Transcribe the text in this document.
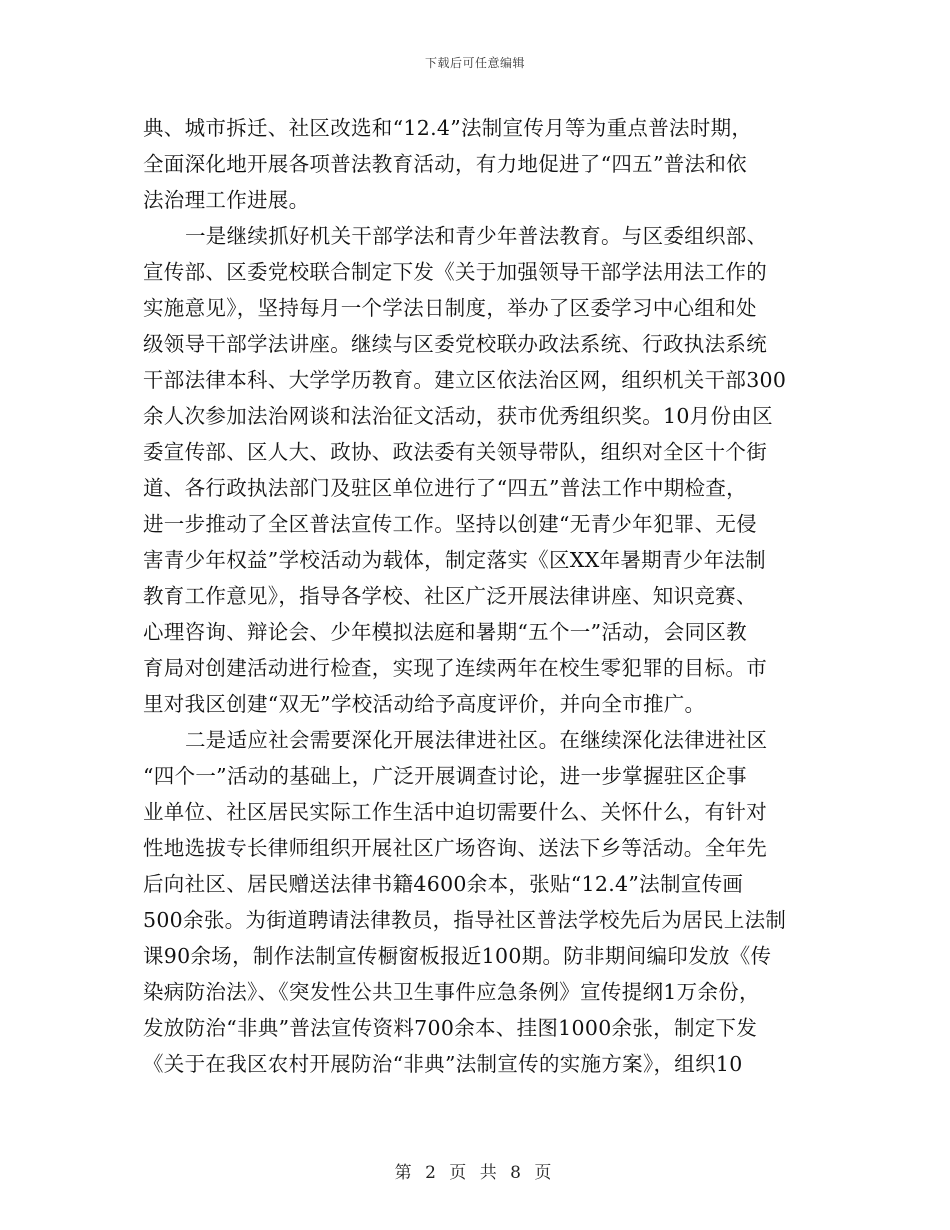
下载后可任意编辑
典、城市拆迁、社区改选和“12.4”法制宣传月等为重点普法时期，
全面深化地开展各项普法教育活动，有力地促进了“四五”普法和依
法治理工作进展。
一是继续抓好机关干部学法和青少年普法教育。与区委组织部、
宣传部、区委党校联合制定下发《关于加强领导干部学法用法工作的
实施意见》，坚持每月一个学法日制度，举办了区委学习中心组和处
级领导干部学法讲座。继续与区委党校联办政法系统、行政执法系统
干部法律本科、大学学历教育。建立区依法治区网，组织机关干部300
余人次参加法治网谈和法治征文活动，获市优秀组织奖。10月份由区
委宣传部、区人大、政协、政法委有关领导带队，组织对全区十个街
道、各行政执法部门及驻区单位进行了“四五”普法工作中期检查，
进一步推动了全区普法宣传工作。坚持以创建“无青少年犯罪、无侵
害青少年权益”学校活动为载体，制定落实《区XX年暑期青少年法制
教育工作意见》，指导各学校、社区广泛开展法律讲座、知识竞赛、
心理咨询、辩论会、少年模拟法庭和暑期“五个一”活动，会同区教
育局对创建活动进行检查，实现了连续两年在校生零犯罪的目标。市
里对我区创建“双无”学校活动给予高度评价，并向全市推广。
二是适应社会需要深化开展法律进社区。在继续深化法律进社区
“四个一”活动的基础上，广泛开展调查讨论，进一步掌握驻区企事
业单位、社区居民实际工作生活中迫切需要什么、关怀什么，有针对
性地选拔专长律师组织开展社区广场咨询、送法下乡等活动。全年先
后向社区、居民赠送法律书籍4600余本，张贴“12.4”法制宣传画
500余张。为街道聘请法律教员，指导社区普法学校先后为居民上法制
课90余场，制作法制宣传橱窗板报近100期。防非期间编印发放《传
染病防治法》、《突发性公共卫生事件应急条例》宣传提纲1万余份，
发放防治“非典”普法宣传资料700余本、挂图1000余张，制定下发
《关于在我区农村开展防治“非典”法制宣传的实施方案》，组织10
第 2 页 共 8 页
